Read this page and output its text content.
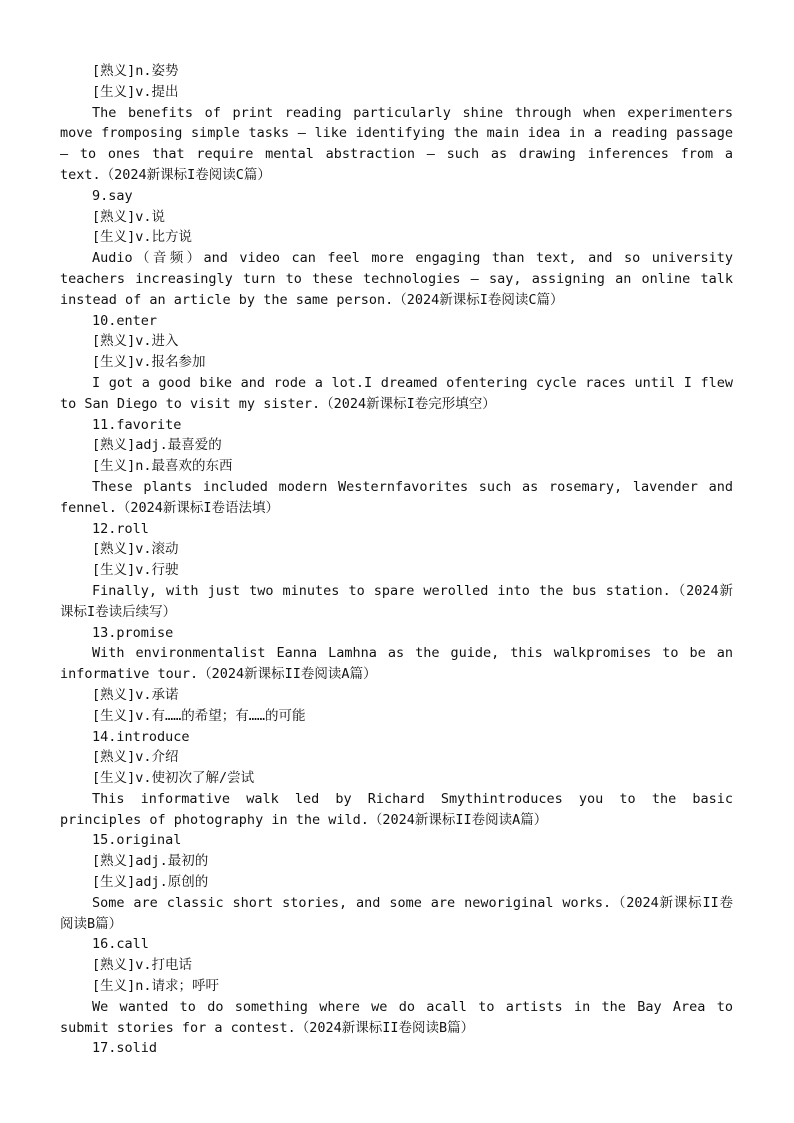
[熟义]n.姿势

[生义]v.提出

The benefits of print reading particularly shine through when experimenters move fromposing simple tasks — like identifying the main idea in a reading passage — to ones that require mental abstraction — such as drawing inferences from a text.（2024新课标I卷阅读C篇）

9.say

[熟义]v.说

[生义]v.比方说

Audio（音频）and video can feel more engaging than text, and so university teachers increasingly turn to these technologies — say, assigning an online talk instead of an article by the same person.（2024新课标I卷阅读C篇）

10.enter

[熟义]v.进入

[生义]v.报名参加

I got a good bike and rode a lot.I dreamed ofentering cycle races until I flew to San Diego to visit my sister.（2024新课标I卷完形填空）

11.favorite

[熟义]adj.最喜爱的

[生义]n.最喜欢的东西

These plants included modern Westernfavorites such as rosemary, lavender and fennel.（2024新课标I卷语法填）

12.roll

[熟义]v.滚动

[生义]v.行驶

Finally, with just two minutes to spare werolled into the bus station.（2024新课标I卷读后续写）

13.promise

With environmentalist Eanna Lamhna as the guide, this walkpromises to be an informative tour.（2024新课标II卷阅读A篇）

[熟义]v.承诺

[生义]v.有……的希望；有……的可能

14.introduce

[熟义]v.介绍

[生义]v.使初次了解/尝试

This informative walk led by Richard Smythintroduces you to the basic principles of photography in the wild.（2024新课标II卷阅读A篇）

15.original

[熟义]adj.最初的

[生义]adj.原创的

Some are classic short stories, and some are neworiginal works.（2024新课标II卷阅读B篇）

16.call

[熟义]v.打电话

[生义]n.请求；呼吁

We wanted to do something where we do acall to artists in the Bay Area to submit stories for a contest.（2024新课标II卷阅读B篇）

17.solid
